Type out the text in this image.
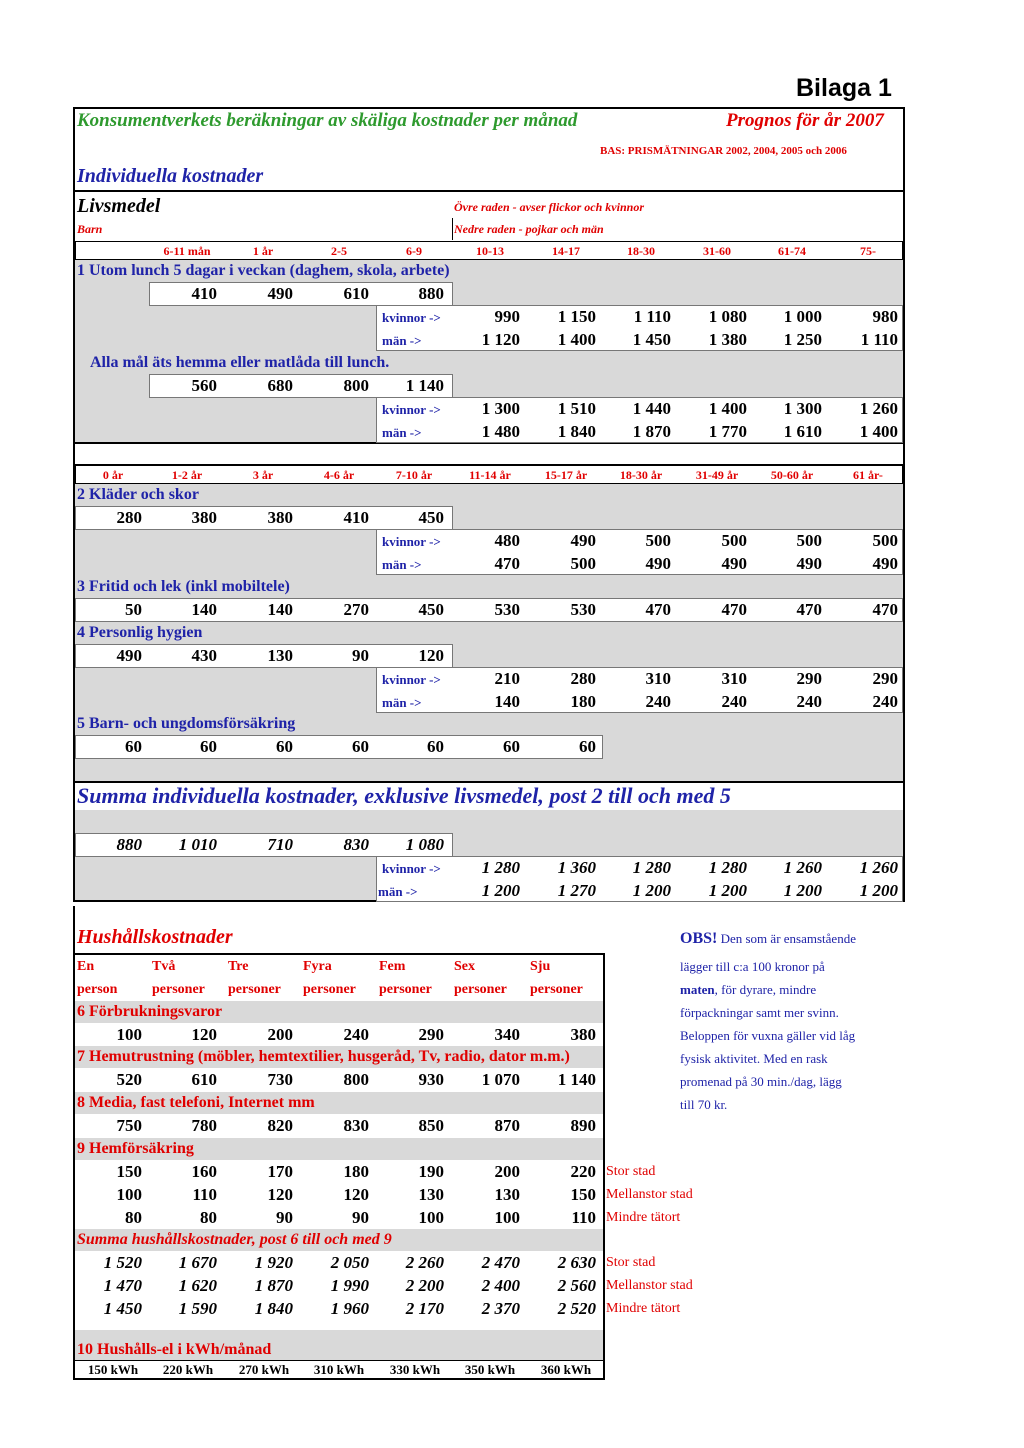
Bilaga 1
Konsumentverkets beräkningar av skäliga kostnader per månad	Prognos för år 2007
BAS: PRISMÄTNINGAR 2002, 2004, 2005 och 2006
Individuella kostnader
Livsmedel	Övre raden - avser flickor och kvinnor
Barn	Nedre raden - pojkar och män
6-11 mån	1 år	2-5	6-9	10-13	14-17	18-30	31-60	61-74	75-
1 Utom lunch 5 dagar i veckan (daghem, skola, arbete)
410	490	610	880
kvinnor ->	990	1 150	1 110	1 080	1 000	980
män ->	1 120	1 400	1 450	1 380	1 250	1 110
Alla mål äts hemma eller matlåda till lunch.
560	680	800	1 140
kvinnor ->	1 300	1 510	1 440	1 400	1 300	1 260
män ->	1 480	1 840	1 870	1 770	1 610	1 400
0 år	1-2 år	3 år	4-6 år	7-10 år	11-14 år	15-17 år	18-30 år	31-49 år	50-60 år	61 år-
2 Kläder och skor
280	380	380	410	450
kvinnor ->	480	490	500	500	500	500
män ->	470	500	490	490	490	490
3 Fritid och lek (inkl mobiltele)
50	140	140	270	450	530	530	470	470	470	470
4 Personlig hygien
490	430	130	90	120
kvinnor ->	210	280	310	310	290	290
män ->	140	180	240	240	240	240
5 Barn- och ungdomsförsäkring
60	60	60	60	60	60	60
Summa individuella kostnader, exklusive livsmedel, post 2 till och med 5
880	1 010	710	830	1 080
kvinnor ->	1 280	1 360	1 280	1 280	1 260	1 260
män ->	1 200	1 270	1 200	1 200	1 200	1 200
Hushållskostnader
En	Två	Tre	Fyra	Fem	Sex	Sju
person personer personer personer personer personer personer
6 Förbrukningsvaror
100	120	200	240	290	340	380
7 Hemutrustning (möbler, hemtextilier, husgeråd, Tv, radio, dator m.m.)
520	610	730	800	930	1 070	1 140
8 Media, fast telefoni, Internet mm
750	780	820	830	850	870	890
9 Hemförsäkring
150	160	170	180	190	200	220 Stor stad
100	110	120	120	130	130	150 Mellanstor stad
80	80	90	90	100	100	110 Mindre tätort
Summa hushållskostnader, post 6 till och med 9
1 520	1 670	1 920	2 050	2 260	2 470	2 630 Stor stad
1 470	1 620	1 870	1 990	2 200	2 400	2 560 Mellanstor stad
1 450	1 590	1 840	1 960	2 170	2 370	2 520 Mindre tätort
10 Hushålls-el i kWh/månad
150 kWh	220 kWh	270 kWh	310 kWh	330 kWh	350 kWh	360 kWh
OBS! Den som är ensamstående
lägger till c:a 100 kronor på
maten, för dyrare, mindre
förpackningar samt mer svinn.
Beloppen för vuxna gäller vid låg
fysisk aktivitet. Med en rask
promenad på 30 min./dag, lägg
till 70 kr.
